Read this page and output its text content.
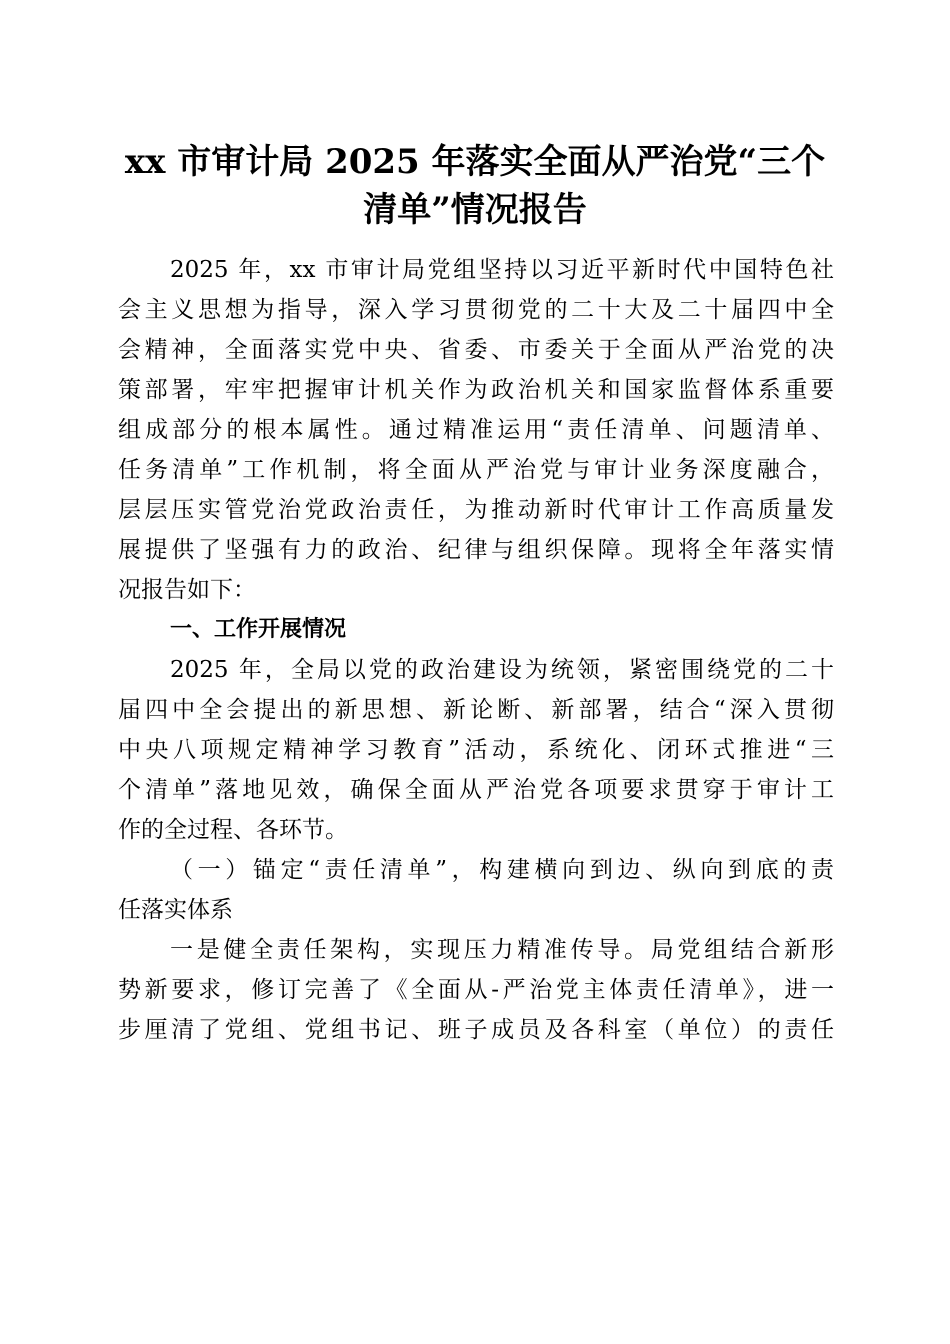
xx 市审计局 2025 年落实全面从严治党“三个
清单”情况报告
2025 年，xx 市审计局党组坚持以习近平新时代中国特色社
会主义思想为指导，深入学习贯彻党的二十大及二十届四中全
会精神，全面落实党中央、省委、市委关于全面从严治党的决
策部署，牢牢把握审计机关作为政治机关和国家监督体系重要
组成部分的根本属性。通过精准运用“责任清单、问题清单、
任务清单”工作机制，将全面从严治党与审计业务深度融合，
层层压实管党治党政治责任，为推动新时代审计工作高质量发
展提供了坚强有力的政治、纪律与组织保障。现将全年落实情
况报告如下：
一、工作开展情况
2025 年，全局以党的政治建设为统领，紧密围绕党的二十
届四中全会提出的新思想、新论断、新部署，结合“深入贯彻
中央八项规定精神学习教育”活动，系统化、闭环式推进“三
个清单”落地见效，确保全面从严治党各项要求贯穿于审计工
作的全过程、各环节。
（一）锚定“责任清单”，构建横向到边、纵向到底的责
任落实体系
一是健全责任架构，实现压力精准传导。局党组结合新形
势新要求，修订完善了《全面从-严治党主体责任清单》，进一
步厘清了党组、党组书记、班子成员及各科室（单位）的责任
